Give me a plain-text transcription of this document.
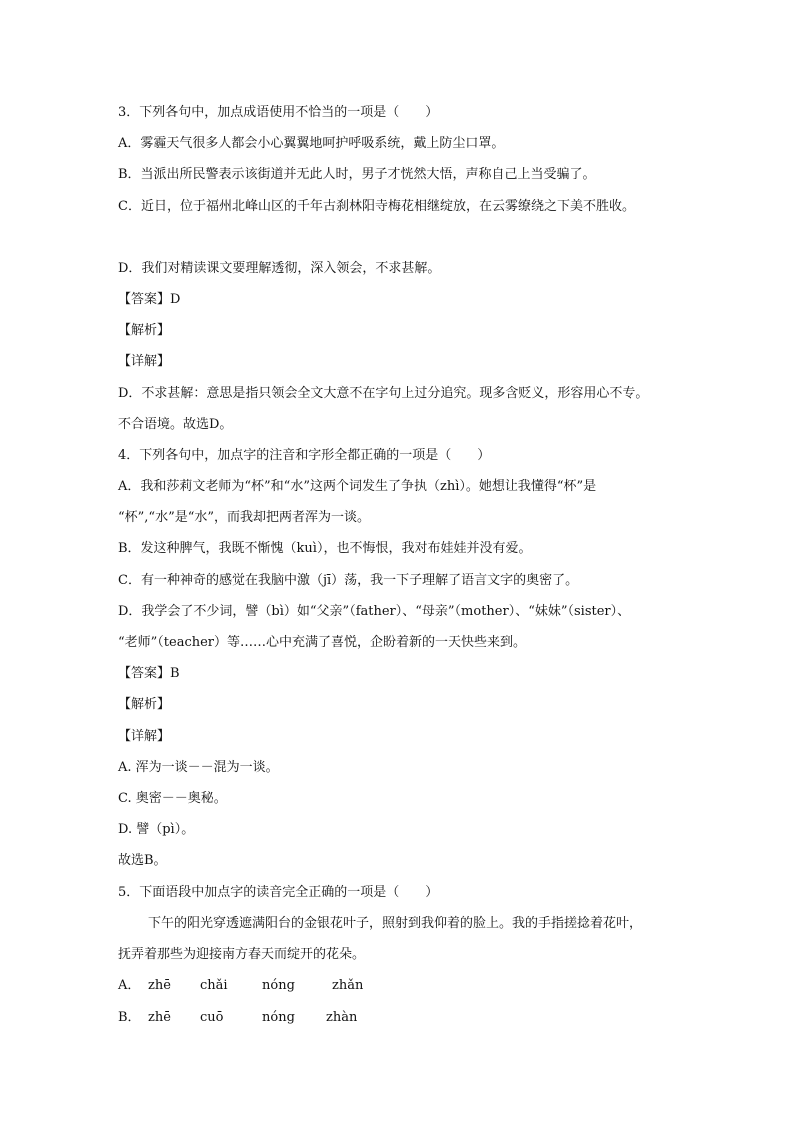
3．下列各句中，加点成语使用不恰当的一项是（　　）
A．雾霾天气很多人都会小心翼翼地呵护呼吸系统，戴上防尘口罩。
B．当派出所民警表示该街道并无此人时，男子才恍然大悟，声称自己上当受骗了。
C．近日，位于福州北峰山区的千年古刹林阳寺梅花相继绽放，在云雾缭绕之下美不胜收。
D．我们对精读课文要理解透彻，深入领会，不求甚解。
【答案】D
【解析】
【详解】
D．不求甚解：意思是指只领会全文大意不在字句上过分追究。现多含贬义，形容用心不专。
不合语境。故选D。
4．下列各句中，加点字的注音和字形全都正确的一项是（　　）
A．我和莎莉文老师为“杯”和“水”这两个词发生了争执（zhì）。她想让我懂得“杯”是
“杯”,“水”是“水”，而我却把两者浑为一谈。
B．发这种脾气，我既不惭愧（kuì），也不悔恨，我对布娃娃并没有爱。
C．有一种神奇的感觉在我脑中激（jī）荡，我一下子理解了语言文字的奥密了。
D．我学会了不少词，譬（bì）如“父亲”（father）、“母亲”（mother）、“妹妹”（sister）、
“老师”（teacher）等……心中充满了喜悦，企盼着新的一天快些来到。
【答案】B
【解析】
【详解】
A. 浑为一谈－－混为一谈。
C. 奥密－－奥秘。
D. 譬（pì）。
故选B。
5．下面语段中加点字的读音完全正确的一项是（　　）
下午的阳光穿透遮满阳台的金银花叶子，照射到我仰着的脸上。我的手指搓捻着花叶，
抚弄着那些为迎接南方春天而绽开的花朵。
A． zhē chǎi	nóng	zhǎn
B． zhē cuō	nóng zhàn
